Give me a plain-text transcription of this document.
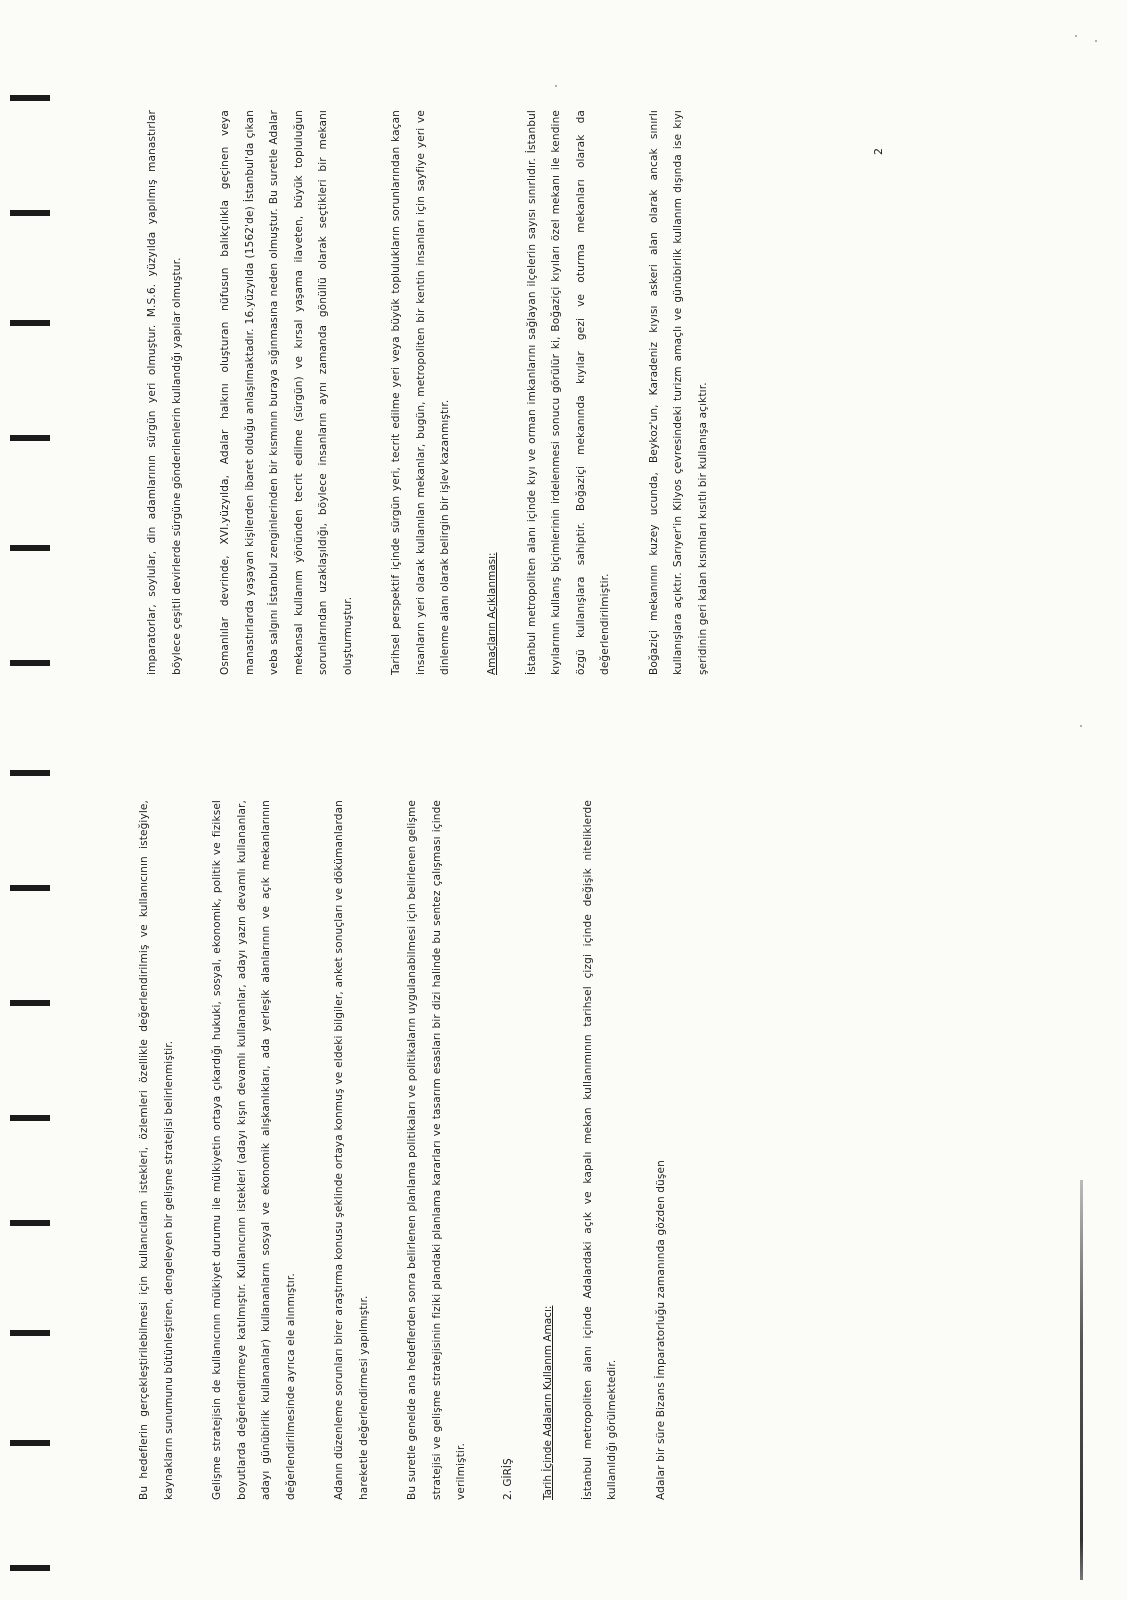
Bu hedeflerin gerçekleştirilebilmesi için kullanıcıların istekleri, özlemleri özellikle değerlendirilmiş ve kullanıcının isteğiyle, kaynakların sunumunu bütünleştiren, dengeleyen bir gelişme stratejisi belirlenmiştir.	Gelişme stratejisin de kullanıcının mülkiyet durumu ile mülkiyetin ortaya çıkardığı hukuki, sosyal, ekonomik, politik ve fiziksel boyutlarda değerlendirmeye katılmıştır. Kullanıcının istekleri (adayı kışın devamlı kullananlar, adayı yazın devamlı kullananlar, adayı günübirlik kullananlar) kullananların sosyal ve ekonomik alışkanlıkları, ada yerleşik alanlarının ve açık mekanlarının değerlendirilmesinde ayrıca ele alınmıştır.	Adanın düzenleme sorunları birer araştırma konusu şeklinde ortaya konmuş ve eldeki bilgiler, anket sonuçları ve dökümanlardan hareketle değerlendirmesi yapılmıştır.	Bu suretle genelde ana hedeflerden sonra belirlenen planlama politikaları ve politikaların uygulanabilmesi için belirlenen gelişme stratejisi ve gelişme stratejisinin fiziki plandaki planlama kararları ve tasarım esasları bir dizi halinde bu sentez çalışması içinde verilmiştir.	2. GİRİŞ	Tarih İçinde Adaların Kullanım Amacı:	İstanbul metropoliten alanı içinde Adalardaki açık ve kapalı mekan kullanımının tarihsel çizgi içinde değişik niteliklerde kullanıldığı görülmektedir.	Adalar bir süre Bizans İmparatorluğu zamanında gözden düşen

imparatorlar, soylular, din adamlarının sürgün yeri olmuştur. M.S.6. yüzyılda yapılmış manastırlar böylece çeşitli devirlerde sürgüne gönderilenlerin kullandığı yapılar olmuştur.	Osmanlılar devrinde, XVI.yüzyılda, Adalar halkını oluşturan nüfusun balıkçılıkla geçinen veya manastırlarda yaşayan kişilerden ibaret olduğu anlaşılmaktadır. 16.yüzyılda (1562'de) İstanbul'da çıkan veba salgını İstanbul zenginlerinden bir kısmının buraya sığınmasına neden olmuştur. Bu suretle Adalar mekansal kullanım yönünden tecrit edilme (sürgün) ve kırsal yaşama ilaveten, büyük topluluğun sorunlarından uzaklaşıldığı, böylece insanların aynı zamanda gönüllü olarak seçtikleri bir mekanı oluşturmuştur.	Tarihsel perspektif içinde sürgün yeri, tecrit edilme yeri veya büyük toplulukların sorunlarından kaçan insanların yeri olarak kullanılan mekanlar, bugün, metropoliten bir kentin insanları için sayfiye yeri ve dinlenme alanı olarak belirgin bir işlev kazanmıştır.	Amaçların Açıklanması:	İstanbul metropoliten alanı içinde kıyı ve orman imkanlarını sağlayan ilçelerin sayısı sınırlıdır. İstanbul kıyılarının kullanış biçimlerinin irdelenmesi sonucu görülür ki, Boğaziçi kıyıları özel mekanı ile kendine özgü kullanışlara sahiptir. Boğaziçi mekanında kıyılar gezi ve oturma mekanları olarak da değerlendirilmiştir.	Boğaziçi mekanının kuzey ucunda, Beykoz'un, Karadeniz kıyısı askeri alan olarak ancak sınırlı kullanışlara açıktır. Sarıyer'in Kilyos çevresindeki turizm amaçlı ve günübirlik kullanım dışında ise kıyı şeridinin geri kalan kısımları kısıtlı bir kullanışa açıktır.

2
